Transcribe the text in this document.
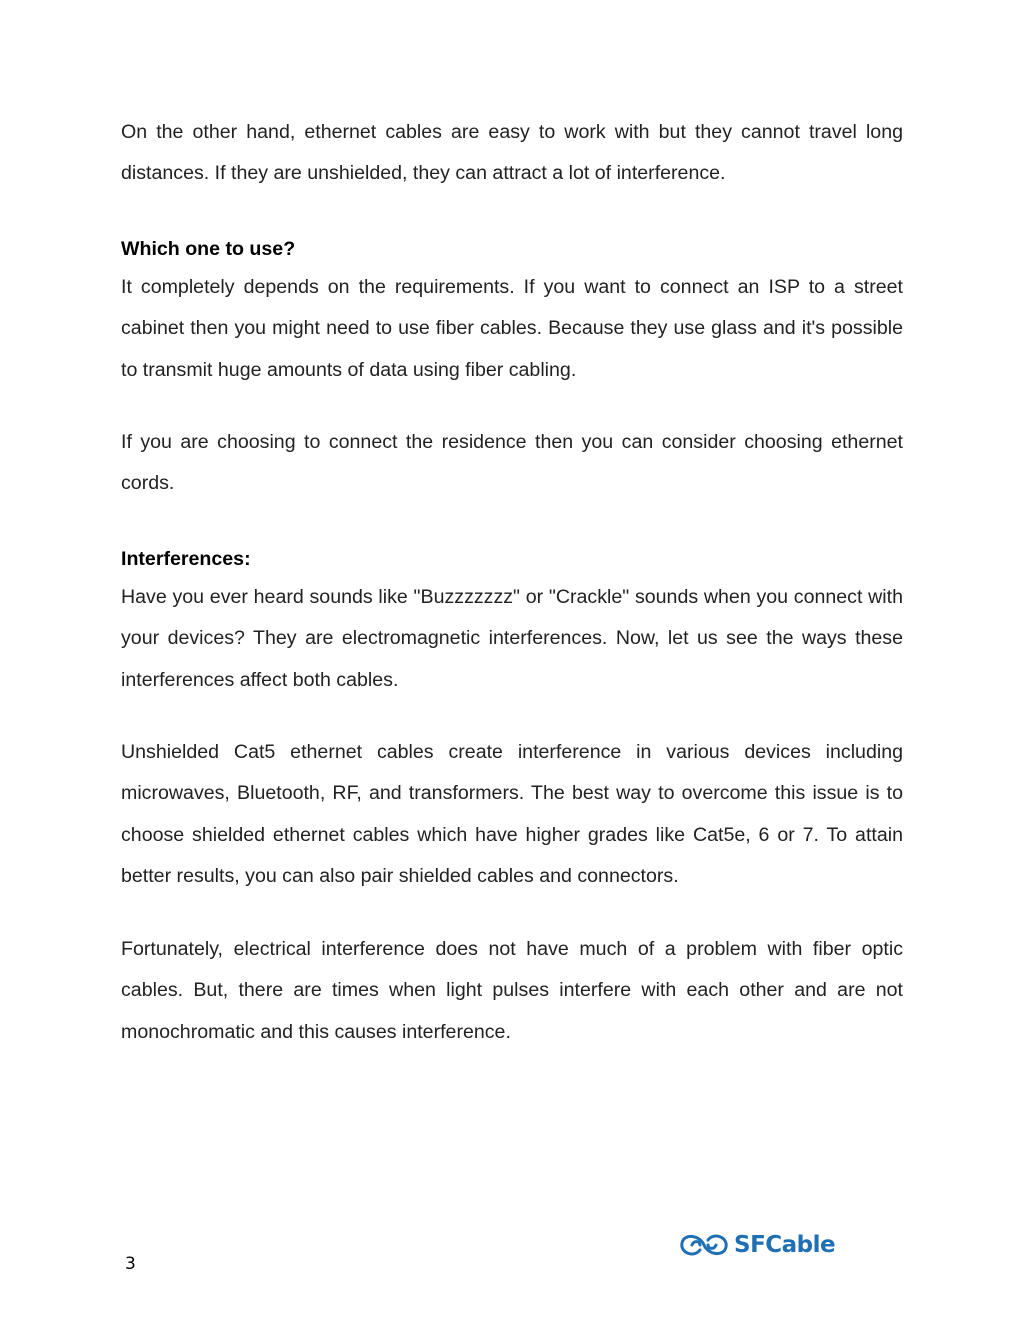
On the other hand, ethernet cables are easy to work with but they cannot travel long distances. If they are unshielded, they can attract a lot of interference.

Which one to use?

It completely depends on the requirements. If you want to connect an ISP to a street cabinet then you might need to use fiber cables. Because they use glass and it's possible to transmit huge amounts of data using fiber cabling.

If you are choosing to connect the residence then you can consider choosing ethernet cords.

Interferences:

Have you ever heard sounds like "Buzzzzzzz" or "Crackle" sounds when you connect with your devices? They are electromagnetic interferences. Now, let us see the ways these interferences affect both cables.

Unshielded Cat5 ethernet cables create interference in various devices including microwaves, Bluetooth, RF, and transformers. The best way to overcome this issue is to choose shielded ethernet cables which have higher grades like Cat5e, 6 or 7. To attain better results, you can also pair shielded cables and connectors.

Fortunately, electrical interference does not have much of a problem with fiber optic cables. But, there are times when light pulses interfere with each other and are not monochromatic and this causes interference.

3
SFCable
